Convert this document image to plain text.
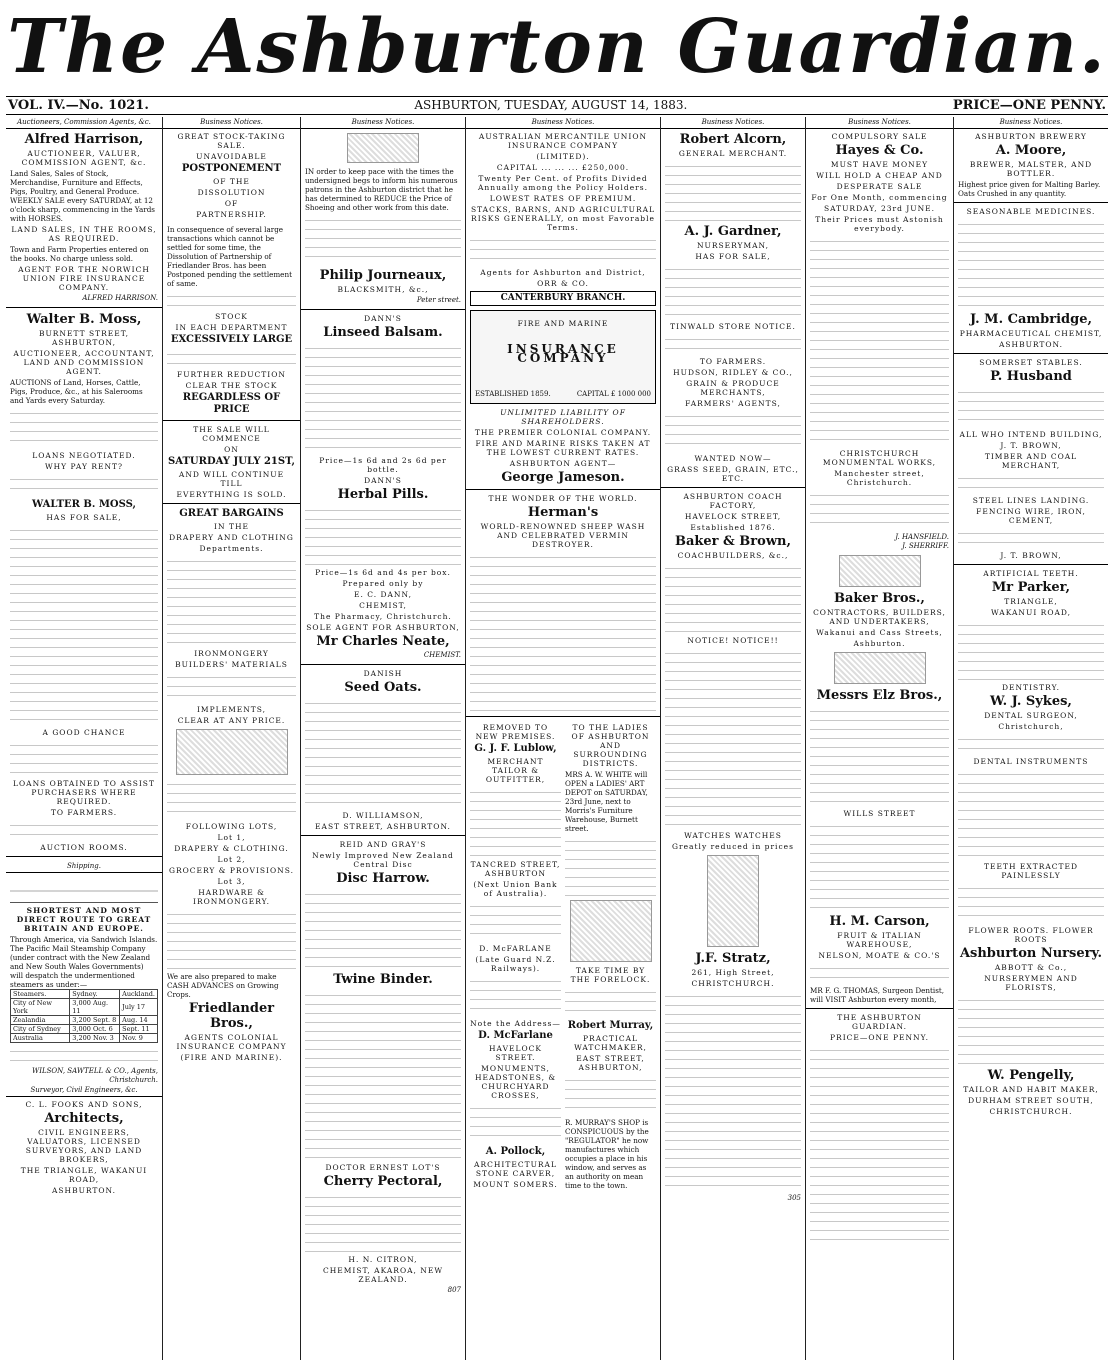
The Ashburton Guardian.
VOL. IV.—No. 1021.	ASHBURTON, TUESDAY, AUGUST 14, 1883.	PRICE—ONE PENNY.
Auctioneers, Commission Agents, &c.
Alfred Harrison,
AUCTIONEER, VALUER, COMMISSION AGENT, &c.
Land Sales, Sales of Stock, Merchandise, Furniture and Effects, Pigs, Poultry, and General Produce.
WEEKLY SALE every SATURDAY, at 12 o'clock sharp, commencing in the Yards with HORSES.
LAND SALES, IN THE ROOMS, AS REQUIRED.
Town and Farm Properties entered on the books. No charge unless sold.
AGENT FOR THE NORWICH UNION FIRE INSURANCE COMPANY.
ALFRED HARRISON.
Walter B. Moss,
BURNETT STREET, ASHBURTON,
AUCTIONEER, ACCOUNTANT, LAND AND COMMISSION AGENT.
AUCTIONS of Land, Horses, Cattle, Pigs, Produce, &c., at his Salerooms and Yards every Saturday.
LOANS NEGOTIATED.
WHY PAY RENT?
WALTER B. MOSS,
HAS FOR SALE,
A GOOD CHANCE
LOANS OBTAINED TO ASSIST PURCHASERS WHERE REQUIRED.
TO FARMERS.
AUCTION ROOMS.
Shipping.
SHORTEST AND MOST DIRECT ROUTE TO GREAT BRITAIN AND EUROPE.
Through America, via Sandwich Islands. The Pacific Mail Steamship Company (under contract with the New Zealand and New South Wales Governments) will despatch the undermentioned steamers as under:—
Steamers.	Sydney.	Auckland.
City of New York	3,000 Aug. 11	July 17
Zealandia	3,200 Sept. 8	Aug. 14
City of Sydney	3,000 Oct. 6	Sept. 11
Australia	3,200 Nov. 3	Nov. 9
WILSON, SAWTELL & CO., Agents, Christchurch.
Surveyor, Civil Engineers, &c.
C. L. FOOKS AND SONS,
Architects,
CIVIL ENGINEERS, VALUATORS, LICENSED SURVEYORS, AND LAND BROKERS,
THE TRIANGLE, WAKANUI ROAD,
ASHBURTON.
Business Notices.
GREAT STOCK-TAKING SALE.
UNAVOIDABLE
POSTPONEMENT
OF THE
DISSOLUTION
OF
PARTNERSHIP.
In consequence of several large transactions which cannot be settled for some time, the Dissolution of Partnership of Friedlander Bros. has been Postponed pending the settlement of same.
STOCK
IN EACH DEPARTMENT
EXCESSIVELY LARGE
FURTHER REDUCTION
CLEAR THE STOCK
REGARDLESS OF PRICE
THE SALE WILL COMMENCE
ON
SATURDAY JULY 21ST,
AND WILL CONTINUE TILL
EVERYTHING IS SOLD.
GREAT BARGAINS
IN THE
DRAPERY AND CLOTHING
Departments.
IRONMONGERY
BUILDERS' MATERIALS
IMPLEMENTS,
CLEAR AT ANY PRICE.
FOLLOWING LOTS,
Lot 1,
DRAPERY & CLOTHING.
Lot 2,
GROCERY & PROVISIONS.
Lot 3,
HARDWARE & IRONMONGERY.
We are also prepared to make CASH ADVANCES on Growing Crops.
Friedlander Bros.,
AGENTS COLONIAL INSURANCE COMPANY
(FIRE AND MARINE).
Business Notices.
IN order to keep pace with the times the undersigned begs to inform his numerous patrons in the Ashburton district that he has determined to REDUCE the Price of Shoeing and other work from this date.
Philip Journeaux,
BLACKSMITH, &c.,
Peter street.
DANN'S
Linseed Balsam.
Price—1s 6d and 2s 6d per bottle.
DANN'S
Herbal Pills.
Price—1s 6d and 4s per box.
Prepared only by
E. C. DANN,
CHEMIST,
The Pharmacy, Christchurch.
SOLE AGENT FOR ASHBURTON,
Mr Charles Neate,
CHEMIST.
DANISH
Seed Oats.
D. WILLIAMSON,
EAST STREET, ASHBURTON.
REID AND GRAY'S
Newly Improved New Zealand Central Disc
Disc Harrow.
Twine Binder.
DOCTOR ERNEST LOT'S
Cherry Pectoral,
H. N. CITRON,
CHEMIST, AKAROA, NEW ZEALAND.
807
Business Notices.
AUSTRALIAN MERCANTILE UNION INSURANCE COMPANY
(LIMITED).
CAPITAL ... ... ... £250,000.
Twenty Per Cent. of Profits Divided Annually among the Policy Holders.
LOWEST RATES OF PREMIUM.
STACKS, BARNS, AND AGRICULTURAL RISKS GENERALLY, on most Favorable Terms.
Agents for Ashburton and District,
ORR & CO.
CANTERBURY BRANCH.
FIRE AND MARINE
INSURANCE COMPANY
ESTABLISHED 1859.	CAPITAL £ 1000 000
UNLIMITED LIABILITY OF SHAREHOLDERS.
THE PREMIER COLONIAL COMPANY.
FIRE AND MARINE RISKS TAKEN AT THE LOWEST CURRENT RATES.
ASHBURTON AGENT—
George Jameson.
THE WONDER OF THE WORLD.
Herman's
WORLD-RENOWNED SHEEP WASH AND CELEBRATED VERMIN DESTROYER.
REMOVED TO NEW PREMISES.
G. J. F. Lublow,
MERCHANT TAILOR & OUTFITTER,
TANCRED STREET, ASHBURTON
(Next Union Bank of Australia).
D. McFARLANE
(Late Guard N.Z. Railways).
Note the Address—
D. McFarlane
HAVELOCK STREET.
MONUMENTS, HEADSTONES, & CHURCHYARD CROSSES,
A. Pollock,
ARCHITECTURAL STONE CARVER,
MOUNT SOMERS.
TO THE LADIES OF ASHBURTON AND SURROUNDING DISTRICTS.
MRS A. W. WHITE will OPEN a LADIES' ART DEPOT on SATURDAY, 23rd June, next to Morris's Furniture Warehouse, Burnett street.
TAKE TIME BY THE FORELOCK.
Robert Murray,
PRACTICAL WATCHMAKER,
EAST STREET, ASHBURTON,
R. MURRAY'S SHOP is CONSPICUOUS by the "REGULATOR" he now manufactures which occupies a place in his window, and serves as an authority on mean time to the town.
Business Notices.
Robert Alcorn,
GENERAL MERCHANT.
A. J. Gardner,
NURSERYMAN,
HAS FOR SALE,
TINWALD STORE NOTICE.
TO FARMERS.
HUDSON, RIDLEY & CO.,
GRAIN & PRODUCE MERCHANTS,
FARMERS' AGENTS,
WANTED NOW—
GRASS SEED, GRAIN, ETC., ETC.
ASHBURTON COACH FACTORY,
HAVELOCK STREET,
Established 1876.
Baker & Brown,
COACHBUILDERS, &c.,
NOTICE! NOTICE!!
WATCHES WATCHES
Greatly reduced in prices
J.F. Stratz,
261, High Street,
CHRISTCHURCH.
305
Business Notices.
COMPULSORY SALE
Hayes & Co.
MUST HAVE MONEY
WILL HOLD A CHEAP AND
DESPERATE SALE
For One Month, commencing
SATURDAY, 23rd JUNE.
Their Prices must Astonish everybody.
CHRISTCHURCH MONUMENTAL WORKS,
Manchester street, Christchurch.
J. HANSFIELD.
J. SHERRIFF.
Baker Bros.,
CONTRACTORS, BUILDERS, AND UNDERTAKERS,
Wakanui and Cass Streets,
Ashburton.
Messrs Elz Bros.,
WILLS STREET
H. M. Carson,
FRUIT & ITALIAN WAREHOUSE,
NELSON, MOATE & CO.'S
MR F. G. THOMAS, Surgeon Dentist, will VISIT Ashburton every month,
THE ASHBURTON GUARDIAN.
PRICE—ONE PENNY.
Business Notices.
ASHBURTON BREWERY
A. Moore,
BREWER, MALSTER, AND BOTTLER.
Highest price given for Malting Barley. Oats Crushed in any quantity.
SEASONABLE MEDICINES.
J. M. Cambridge,
PHARMACEUTICAL CHEMIST,
ASHBURTON.
SOMERSET STABLES.
P. Husband
ALL WHO INTEND BUILDING,
J. T. BROWN,
TIMBER AND COAL MERCHANT,
STEEL LINES LANDING.
FENCING WIRE, IRON, CEMENT,
J. T. BROWN,
ARTIFICIAL TEETH.
Mr Parker,
TRIANGLE,
WAKANUI ROAD,
DENTISTRY.
W. J. Sykes,
DENTAL SURGEON,
Christchurch,
DENTAL INSTRUMENTS
TEETH EXTRACTED PAINLESSLY
FLOWER ROOTS. FLOWER ROOTS
Ashburton Nursery.
ABBOTT & Co.,
NURSERYMEN AND FLORISTS,
W. Pengelly,
TAILOR AND HABIT MAKER,
DURHAM STREET SOUTH,
CHRISTCHURCH.
